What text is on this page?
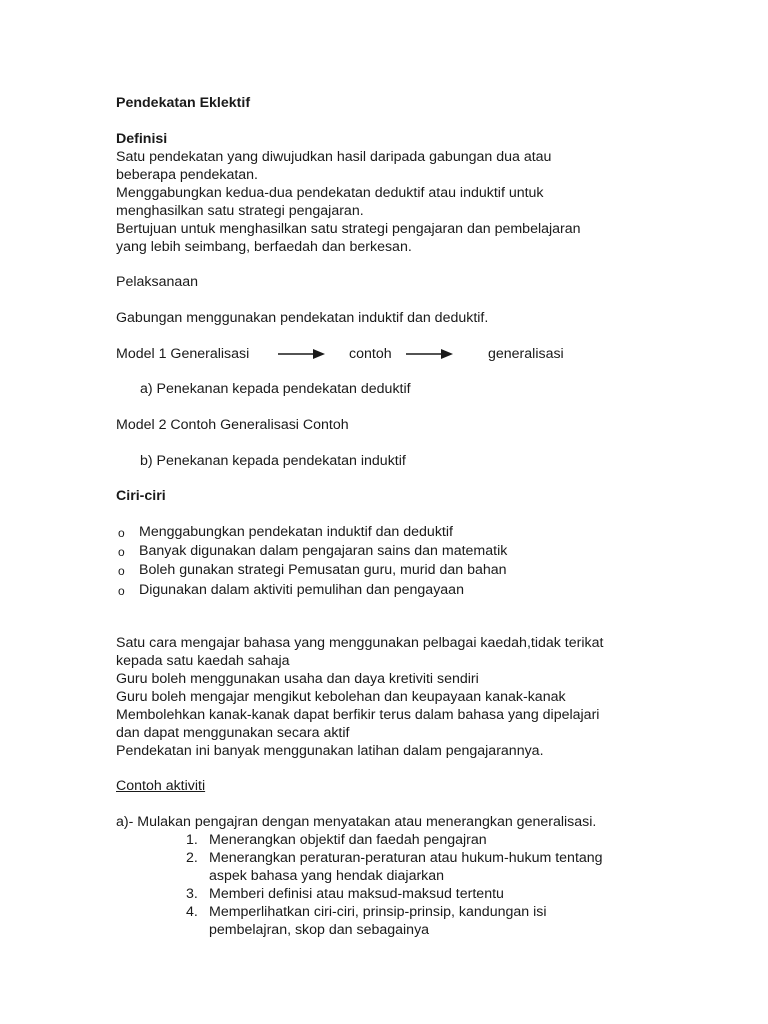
Pendekatan Eklektif
Definisi
Satu pendekatan yang diwujudkan hasil daripada gabungan dua atau
beberapa pendekatan.
Menggabungkan kedua-dua pendekatan deduktif atau induktif untuk
menghasilkan satu strategi pengajaran.
Bertujuan untuk menghasilkan satu strategi pengajaran dan pembelajaran
yang lebih seimbang, berfaedah dan berkesan.
Pelaksanaan
Gabungan menggunakan pendekatan induktif dan deduktif.
Model 1 Generalisasi	contoh	generalisasi
a) Penekanan kepada pendekatan deduktif
Model 2 Contoh Generalisasi Contoh
b) Penekanan kepada pendekatan induktif
Ciri-ciri
o Menggabungkan pendekatan induktif dan deduktif
o Banyak digunakan dalam pengajaran sains dan matematik
o Boleh gunakan strategi Pemusatan guru, murid dan bahan
o Digunakan dalam aktiviti pemulihan dan pengayaan
Satu cara mengajar bahasa yang menggunakan pelbagai kaedah,tidak terikat
kepada satu kaedah sahaja
Guru boleh menggunakan usaha dan daya kretiviti sendiri
Guru boleh mengajar mengikut kebolehan dan keupayaan kanak-kanak
Membolehkan kanak-kanak dapat berfikir terus dalam bahasa yang dipelajari
dan dapat menggunakan secara aktif
Pendekatan ini banyak menggunakan latihan dalam pengajarannya.
Contoh aktiviti
a)- Mulakan pengajran dengan menyatakan atau menerangkan generalisasi.
1. Menerangkan objektif dan faedah pengajran
2. Menerangkan peraturan-peraturan atau hukum-hukum tentang
aspek bahasa yang hendak diajarkan
3. Memberi definisi atau maksud-maksud tertentu
4. Memperlihatkan ciri-ciri, prinsip-prinsip, kandungan isi
pembelajran, skop dan sebagainya
